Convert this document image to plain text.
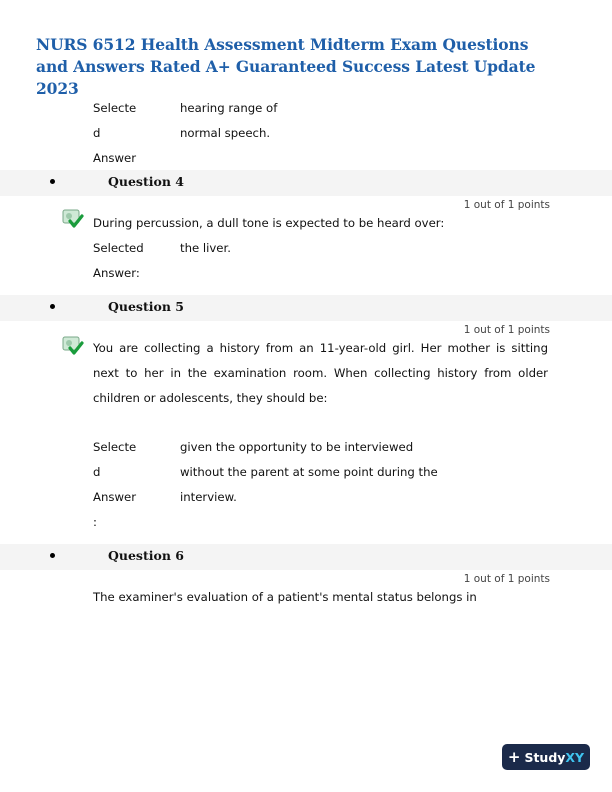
NURS 6512 Health Assessment Midterm Exam Questions and Answers Rated A+ Guaranteed Success Latest Update 2023
Selecte
d
Answer
hearing range of
normal speech.
Question 4
1 out of 1 points

During percussion, a dull tone is expected to be heard over:

Selected
Answer:
the liver.
Question 5
1 out of 1 points

You are collecting a history from an 11-year-old girl. Her mother is sitting next to her in the examination room. When collecting history from older children or adolescents, they should be:

Selecte
d
Answer
:
given the opportunity to be interviewed
without the parent at some point during the
interview.
Question 6
1 out of 1 points

The examiner's evaluation of a patient's mental status belongs in

+ StudyXY
